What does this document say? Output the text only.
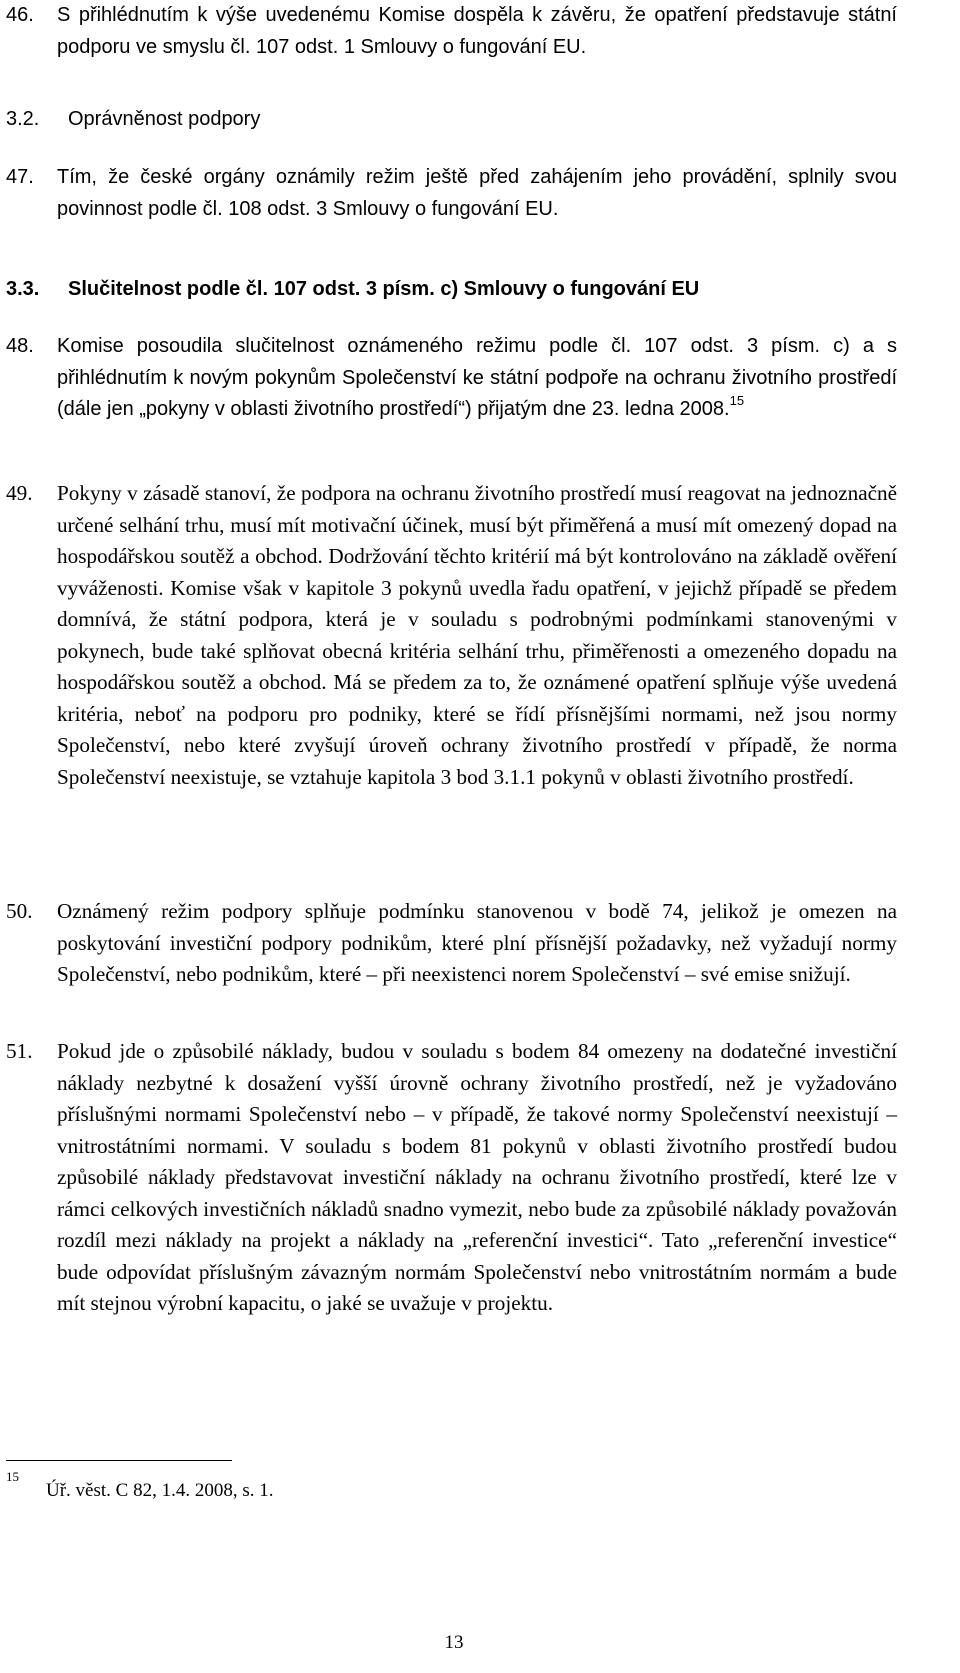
46. S přihlédnutím k výše uvedenému Komise dospěla k závěru, že opatření představuje státní podporu ve smyslu čl. 107 odst. 1 Smlouvy o fungování EU.
3.2. Oprávněnost podpory
47. Tím, že české orgány oznámily režim ještě před zahájením jeho provádění, splnily svou povinnost podle čl. 108 odst. 3 Smlouvy o fungování EU.
3.3. Slučitelnost podle čl. 107 odst. 3 písm. c) Smlouvy o fungování EU
48. Komise posoudila slučitelnost oznámeného režimu podle čl. 107 odst. 3 písm. c) a s přihlédnutím k novým pokynům Společenství ke státní podpoře na ochranu životního prostředí (dále jen „pokyny v oblasti životního prostředí“) přijatým dne 23. ledna 2008.15
49. Pokyny v zásadě stanoví, že podpora na ochranu životního prostředí musí reagovat na jednoznačně určené selhání trhu, musí mít motivační účinek, musí být přiměřená a musí mít omezený dopad na hospodářskou soutěž a obchod. Dodržování těchto kritérií má být kontrolováno na základě ověření vyváženosti. Komise však v kapitole 3 pokynů uvedla řadu opatření, v jejichž případě se předem domnívá, že státní podpora, která je v souladu s podrobnými podmínkami stanovenými v pokynech, bude také splňovat obecná kritéria selhání trhu, přiměřenosti a omezeného dopadu na hospodářskou soutěž a obchod. Má se předem za to, že oznámené opatření splňuje výše uvedená kritéria, neboť na podporu pro podniky, které se řídí přísnějšími normami, než jsou normy Společenství, nebo které zvyšují úroveň ochrany životního prostředí v případě, že norma Společenství neexistuje, se vztahuje kapitola 3 bod 3.1.1 pokynů v oblasti životního prostředí.
50. Oznámený režim podpory splňuje podmínku stanovenou v bodě 74, jelikož je omezen na poskytování investiční podpory podnikům, které plní přísnější požadavky, než vyžadují normy Společenství, nebo podnikům, které – při neexistenci norem Společenství – své emise snižují.
51. Pokud jde o způsobilé náklady, budou v souladu s bodem 84 omezeny na dodatečné investiční náklady nezbytné k dosažení vyšší úrovně ochrany životního prostředí, než je vyžadováno příslušnými normami Společenství nebo – v případě, že takové normy Společenství neexistují – vnitrostátními normami. V souladu s bodem 81 pokynů v oblasti životního prostředí budou způsobilé náklady představovat investiční náklady na ochranu životního prostředí, které lze v rámci celkových investičních nákladů snadno vymezit, nebo bude za způsobilé náklady považován rozdíl mezi náklady na projekt a náklady na „referenční investici“. Tato „referenční investice“ bude odpovídat příslušným závazným normám Společenství nebo vnitrostátním normám a bude mít stejnou výrobní kapacitu, o jaké se uvažuje v projektu.
15
Úř. věst. C 82, 1.4. 2008, s. 1.
13
